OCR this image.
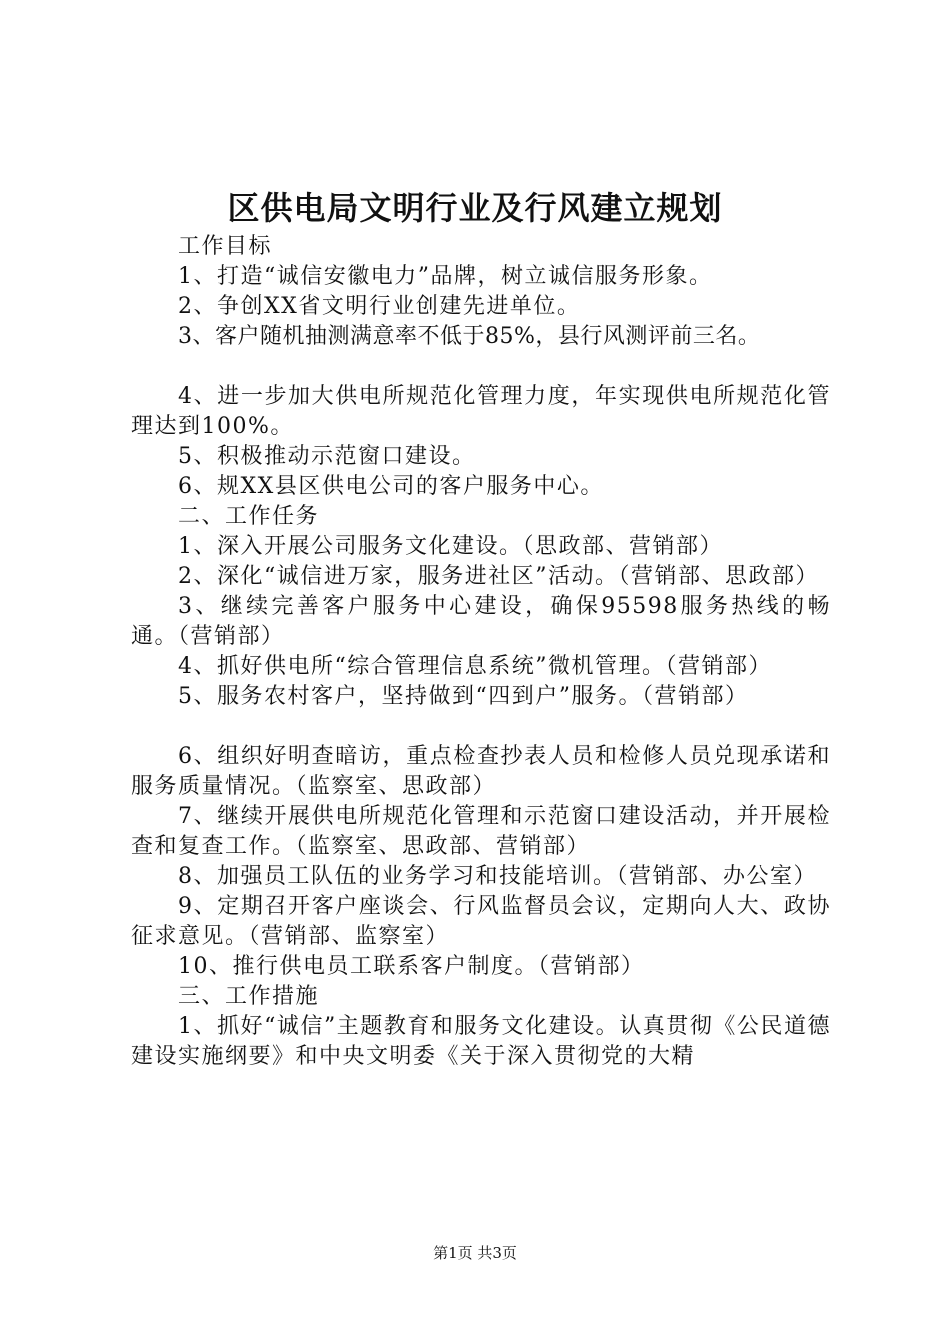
区供电局文明行业及行风建立规划

工作目标

1、打造“诚信安徽电力”品牌，树立诚信服务形象。

2、争创XX省文明行业创建先进单位。

3、客户随机抽测满意率不低于85%，县行风测评前三名。

4、进一步加大供电所规范化管理力度，年实现供电所规范化管理达到100%。

5、积极推动示范窗口建设。

6、规XX县区供电公司的客户服务中心。

二、工作任务

1、深入开展公司服务文化建设。（思政部、营销部）

2、深化“诚信进万家，服务进社区”活动。（营销部、思政部）

3、继续完善客户服务中心建设，确保95598服务热线的畅通。（营销部）

4、抓好供电所“综合管理信息系统”微机管理。（营销部）

5、服务农村客户，坚持做到“四到户”服务。（营销部）

6、组织好明查暗访，重点检查抄表人员和检修人员兑现承诺和服务质量情况。（监察室、思政部）

7、继续开展供电所规范化管理和示范窗口建设活动，并开展检查和复查工作。（监察室、思政部、营销部）

8、加强员工队伍的业务学习和技能培训。（营销部、办公室）

9、定期召开客户座谈会、行风监督员会议，定期向人大、政协征求意见。（营销部、监察室）

10、推行供电员工联系客户制度。（营销部）

三、工作措施

1、抓好“诚信”主题教育和服务文化建设。认真贯彻《公民道德建设实施纲要》和中央文明委《关于深入贯彻党的大精

第1页 共3页
